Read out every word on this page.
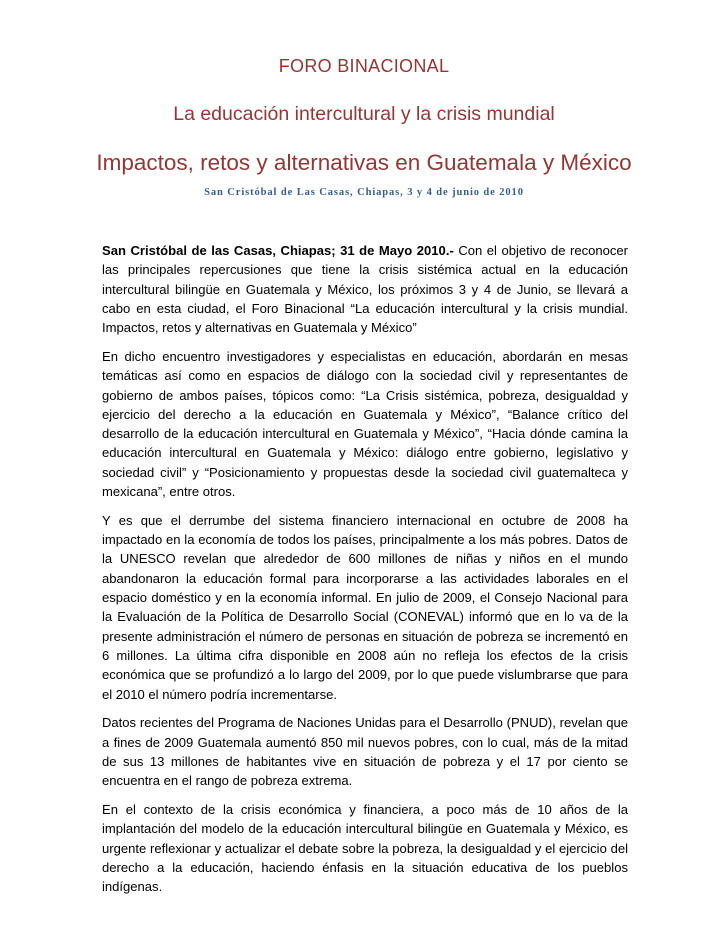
FORO BINACIONAL
La educación intercultural y la crisis mundial
Impactos, retos y alternativas en Guatemala y México

San Cristóbal de Las Casas, Chiapas, 3 y 4 de junio de 2010

San Cristóbal de las Casas, Chiapas; 31 de Mayo 2010.- Con el objetivo de reconocer las principales repercusiones que tiene la crisis sistémica actual en la educación intercultural bilingüe en Guatemala y México, los próximos 3 y 4 de Junio, se llevará a cabo en esta ciudad, el Foro Binacional “La educación intercultural y la crisis mundial. Impactos, retos y alternativas en Guatemala y México”

En dicho encuentro investigadores y especialistas en educación, abordarán en mesas temáticas así como en espacios de diálogo con la sociedad civil y representantes de gobierno de ambos países, tópicos como: “La Crisis sistémica, pobreza, desigualdad y ejercicio del derecho a la educación en Guatemala y México”, “Balance crítico del desarrollo de la educación intercultural en Guatemala y México”, “Hacia dónde camina la educación intercultural en Guatemala y México: diálogo entre gobierno, legislativo y sociedad civil” y “Posicionamiento y propuestas desde la sociedad civil guatemalteca y mexicana”, entre otros.

Y es que el derrumbe del sistema financiero internacional en octubre de 2008 ha impactado en la economía de todos los países, principalmente a los más pobres. Datos de la UNESCO revelan que alrededor de 600 millones de niñas y niños en el mundo abandonaron la educación formal para incorporarse a las actividades laborales en el espacio doméstico y en la economía informal. En julio de 2009, el Consejo Nacional para la Evaluación de la Política de Desarrollo Social (CONEVAL) informó que en lo va de la presente administración el número de personas en situación de pobreza se incrementó en 6 millones. La última cifra disponible en 2008 aún no refleja los efectos de la crisis económica que se profundizó a lo largo del 2009, por lo que puede vislumbrarse que para el 2010 el número podría incrementarse.

Datos recientes del Programa de Naciones Unidas para el Desarrollo (PNUD), revelan que a fines de 2009 Guatemala aumentó 850 mil nuevos pobres, con lo cual, más de la mitad de sus 13 millones de habitantes vive en situación de pobreza y el 17 por ciento se encuentra en el rango de pobreza extrema.

En el contexto de la crisis económica y financiera, a poco más de 10 años de la implantación del modelo de la educación intercultural bilingüe en Guatemala y México, es urgente reflexionar y actualizar el debate sobre la pobreza, la desigualdad y el ejercicio del derecho a la educación, haciendo énfasis en la situación educativa de los pueblos indígenas.
